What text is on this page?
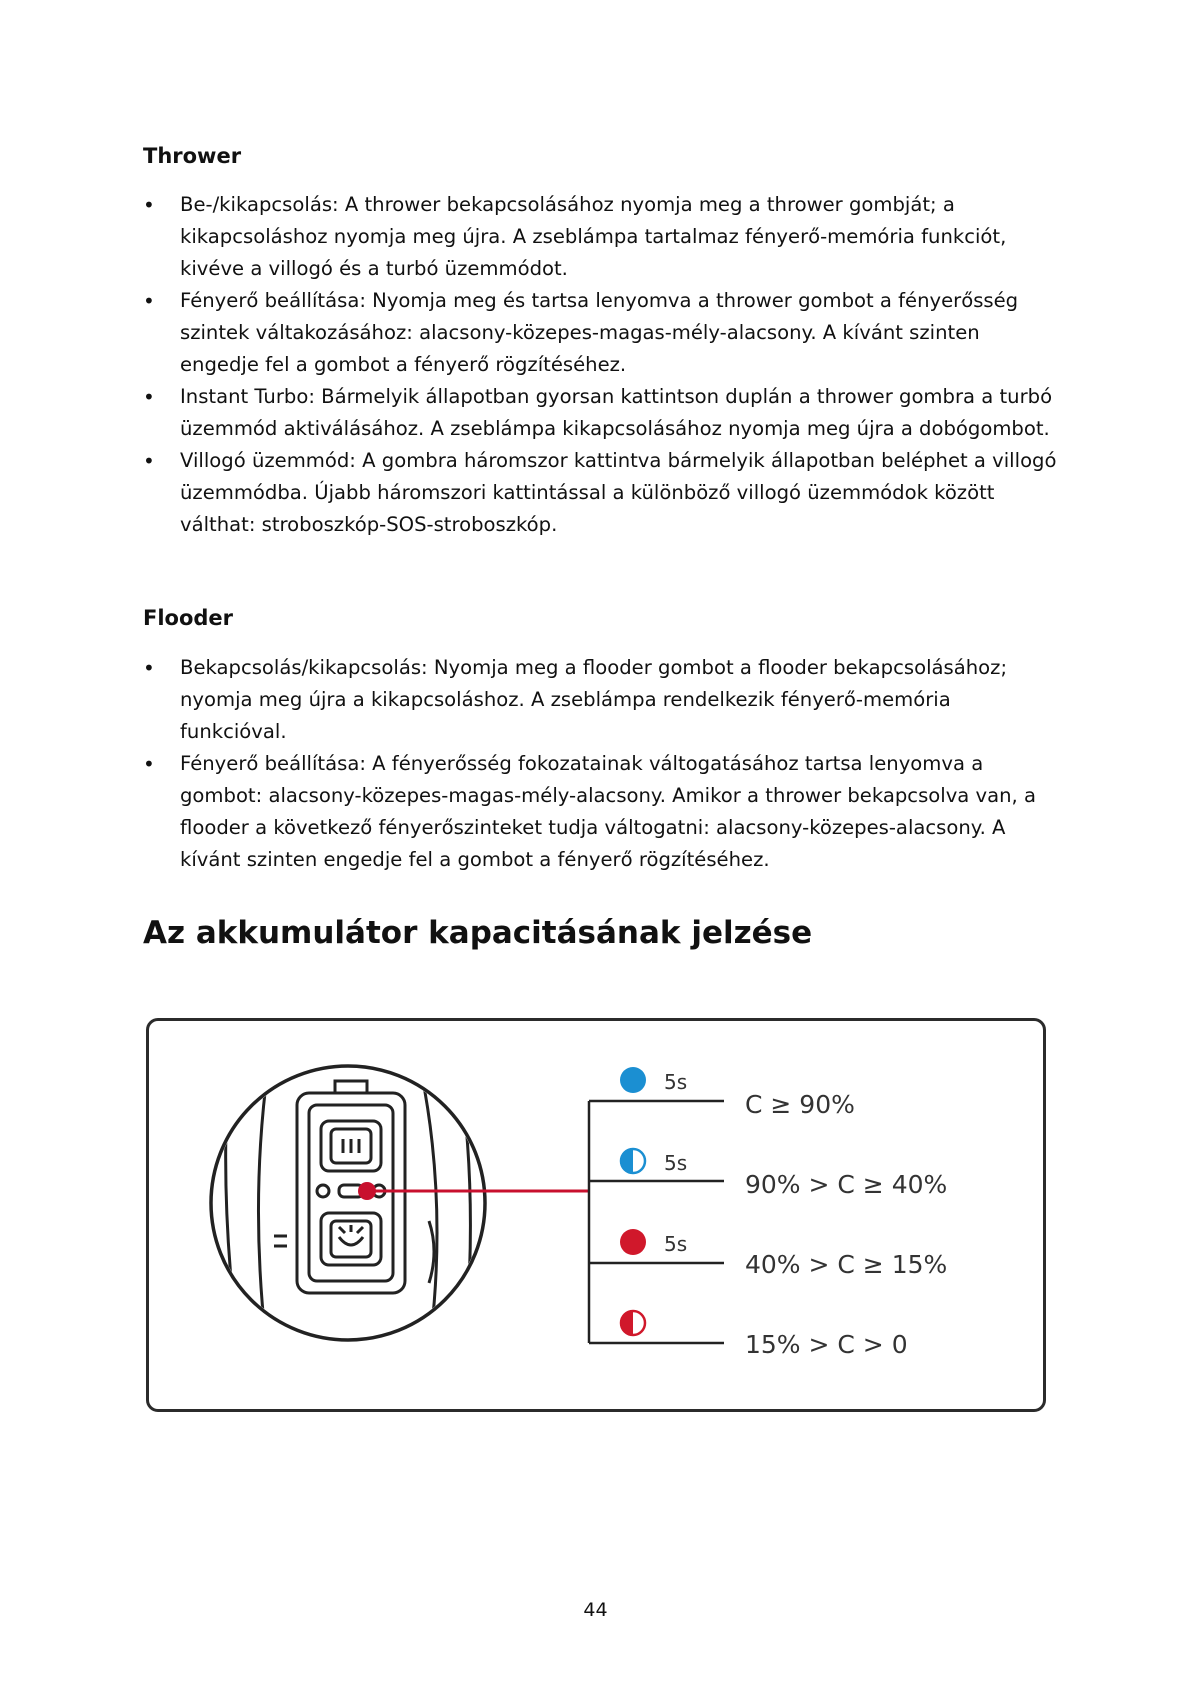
Thrower
• Be-/kikapcsolás: A thrower bekapcsolásához nyomja meg a thrower gombját; a kikapcsoláshoz nyomja meg újra. A zseblámpa tartalmaz fényerő-memória funkciót, kivéve a villogó és a turbó üzemmódot.
• Fényerő beállítása: Nyomja meg és tartsa lenyomva a thrower gombot a fényerősség szintek váltakozásához: alacsony-közepes-magas-mély-alacsony. A kívánt szinten engedje fel a gombot a fényerő rögzítéséhez.
• Instant Turbo: Bármelyik állapotban gyorsan kattintson duplán a thrower gombra a turbó üzemmód aktiválásához. A zseblámpa kikapcsolásához nyomja meg újra a dobógombot.
• Villogó üzemmód: A gombra háromszor kattintva bármelyik állapotban beléphet a villogó üzemmódba. Újabb háromszori kattintással a különböző villogó üzemmódok között válthat: stroboszkóp-SOS-stroboszkóp.
Flooder
• Bekapcsolás/kikapcsolás: Nyomja meg a flooder gombot a flooder bekapcsolásához; nyomja meg újra a kikapcsoláshoz. A zseblámpa rendelkezik fényerő-memória funkcióval.
• Fényerő beállítása: A fényerősség fokozatainak váltogatásához tartsa lenyomva a gombot: alacsony-közepes-magas-mély-alacsony. Amikor a thrower bekapcsolva van, a flooder a következő fényerőszinteket tudja váltogatni: alacsony-közepes-alacsony. A kívánt szinten engedje fel a gombot a fényerő rögzítéséhez.
Az akkumulátor kapacitásának jelzése
5s
5s
5s
C ≥ 90%
90% > C ≥ 40%
40% > C ≥ 15%
15% > C > 0

44
